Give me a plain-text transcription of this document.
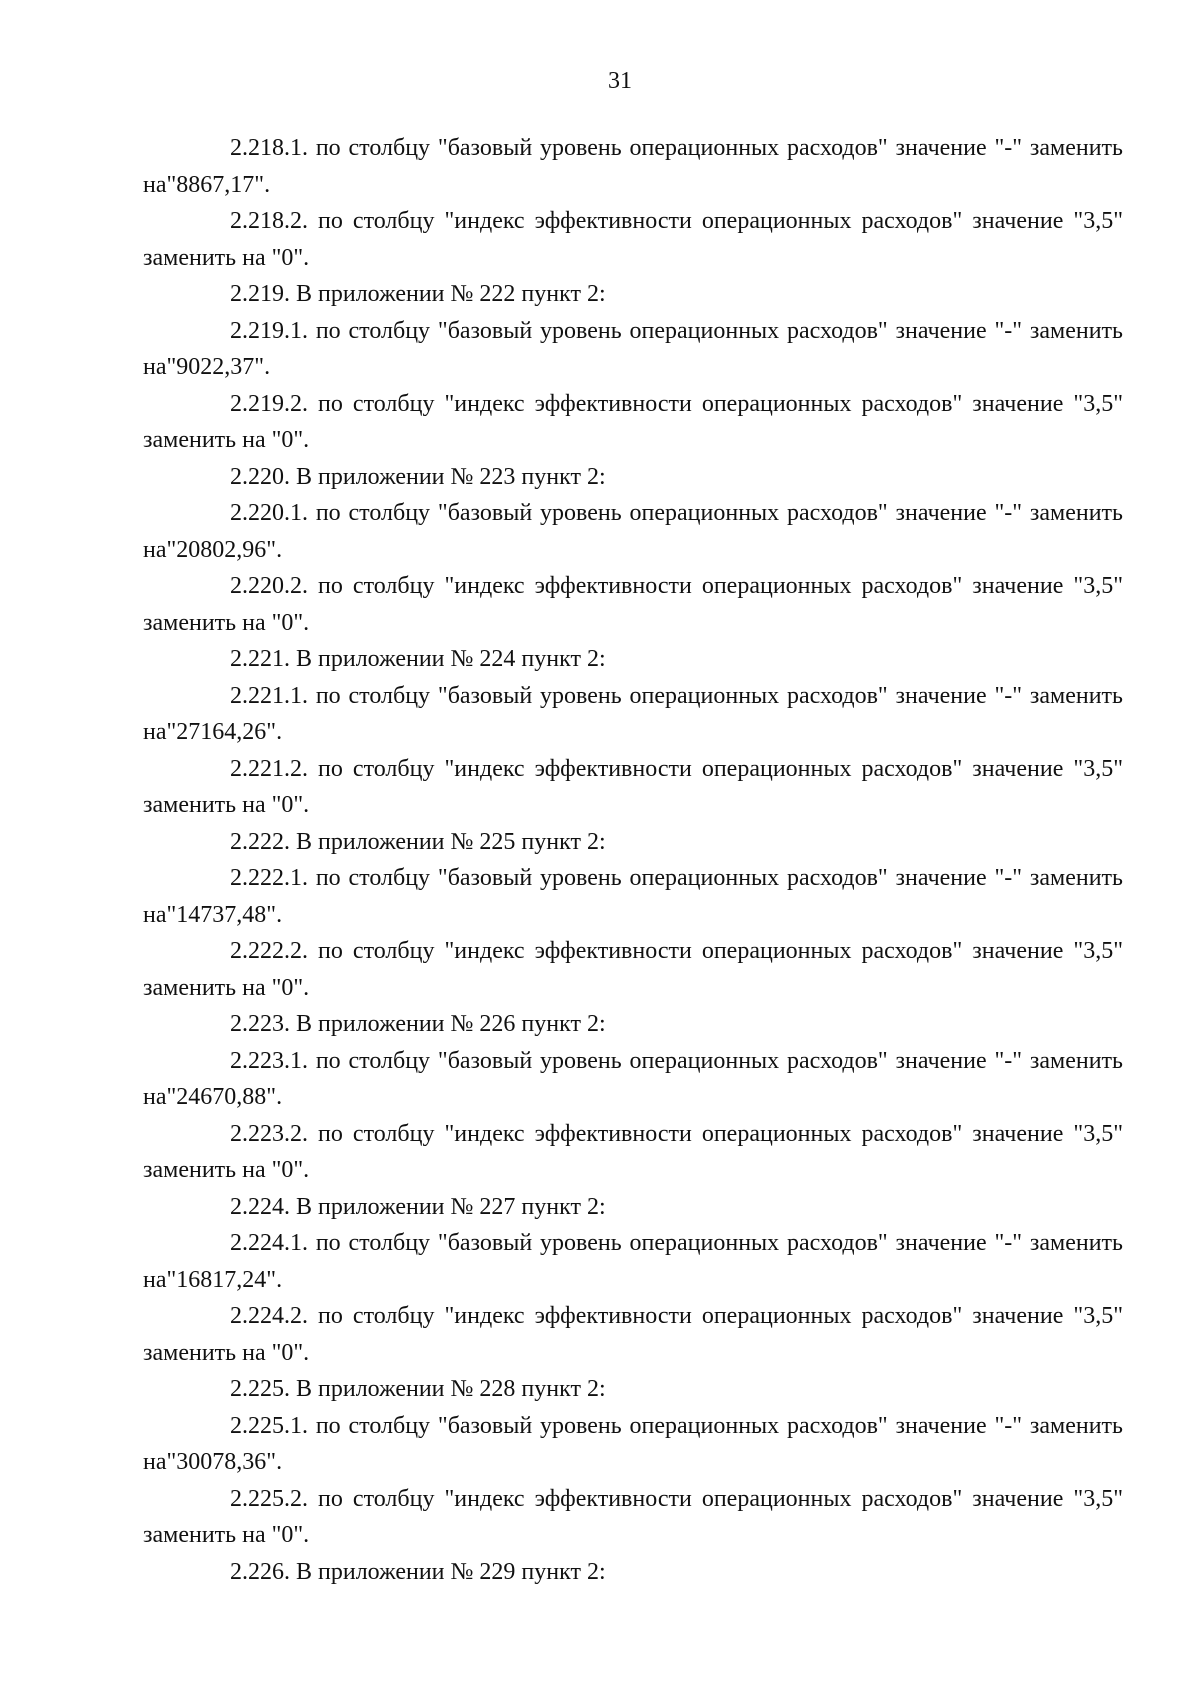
31

2.218.1. по столбцу "базовый уровень операционных расходов" значение "-" заменить на"8867,17".

2.218.2. по столбцу "индекс эффективности операционных расходов" значение "3,5" заменить на "0".

2.219. В приложении № 222 пункт 2:

2.219.1. по столбцу "базовый уровень операционных расходов" значение "-" заменить на"9022,37".

2.219.2. по столбцу "индекс эффективности операционных расходов" значение "3,5" заменить на "0".

2.220. В приложении № 223 пункт 2:

2.220.1. по столбцу "базовый уровень операционных расходов" значение "-" заменить на"20802,96".

2.220.2. по столбцу "индекс эффективности операционных расходов" значение "3,5" заменить на "0".

2.221. В приложении № 224 пункт 2:

2.221.1. по столбцу "базовый уровень операционных расходов" значение "-" заменить на"27164,26".

2.221.2. по столбцу "индекс эффективности операционных расходов" значение "3,5" заменить на "0".

2.222. В приложении № 225 пункт 2:

2.222.1. по столбцу "базовый уровень операционных расходов" значение "-" заменить на"14737,48".

2.222.2. по столбцу "индекс эффективности операционных расходов" значение "3,5" заменить на "0".

2.223. В приложении № 226 пункт 2:

2.223.1. по столбцу "базовый уровень операционных расходов" значение "-" заменить на"24670,88".

2.223.2. по столбцу "индекс эффективности операционных расходов" значение "3,5" заменить на "0".

2.224. В приложении № 227 пункт 2:

2.224.1. по столбцу "базовый уровень операционных расходов" значение "-" заменить на"16817,24".

2.224.2. по столбцу "индекс эффективности операционных расходов" значение "3,5" заменить на "0".

2.225. В приложении № 228 пункт 2:

2.225.1. по столбцу "базовый уровень операционных расходов" значение "-" заменить на"30078,36".

2.225.2. по столбцу "индекс эффективности операционных расходов" значение "3,5" заменить на "0".

2.226. В приложении № 229 пункт 2:
